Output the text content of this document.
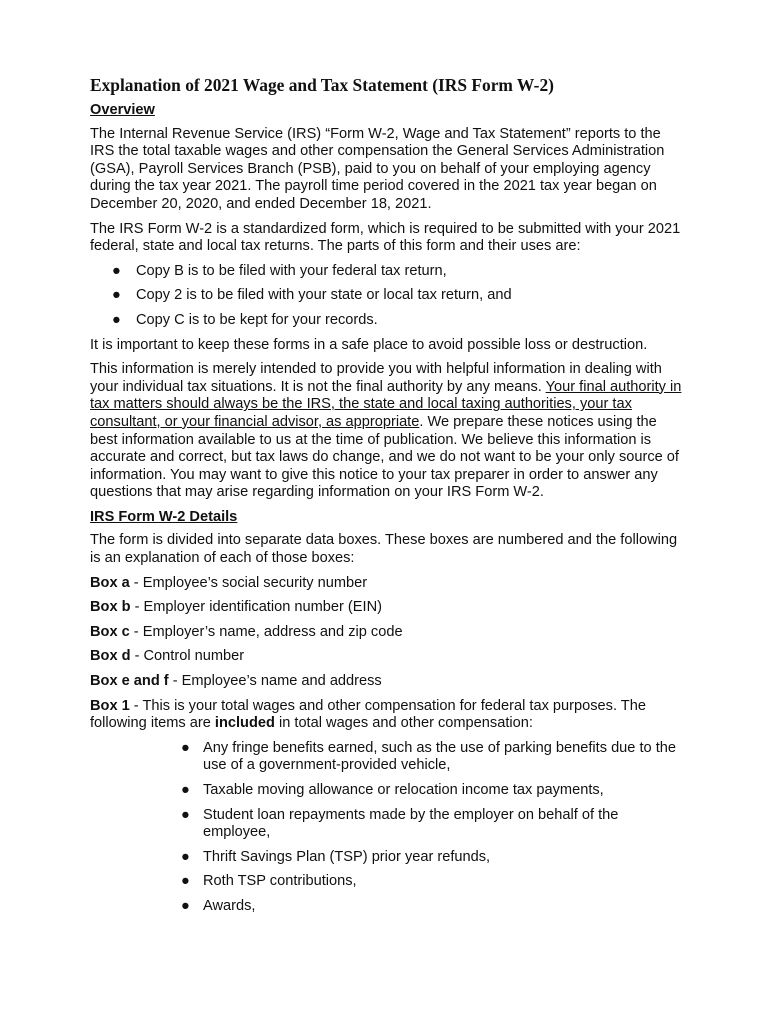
Explanation of 2021 Wage and Tax Statement (IRS Form W-2)
Overview

The Internal Revenue Service (IRS) “Form W-2, Wage and Tax Statement” reports to the IRS the total taxable wages and other compensation the General Services Administration (GSA), Payroll Services Branch (PSB), paid to you on behalf of your employing agency during the tax year 2021. The payroll time period covered in the 2021 tax year began on December 20, 2020, and ended December 18, 2021.

The IRS Form W-2 is a standardized form, which is required to be submitted with your 2021 federal, state and local tax returns. The parts of this form and their uses are:

● Copy B is to be filed with your federal tax return,
● Copy 2 is to be filed with your state or local tax return, and
● Copy C is to be kept for your records.

It is important to keep these forms in a safe place to avoid possible loss or destruction.

This information is merely intended to provide you with helpful information in dealing with your individual tax situations. It is not the final authority by any means. Your final authority in tax matters should always be the IRS, the state and local taxing authorities, your tax consultant, or your financial advisor, as appropriate. We prepare these notices using the best information available to us at the time of publication. We believe this information is accurate and correct, but tax laws do change, and we do not want to be your only source of information. You may want to give this notice to your tax preparer in order to answer any questions that may arise regarding information on your IRS Form W-2.

IRS Form W-2 Details

The form is divided into separate data boxes. These boxes are numbered and the following is an explanation of each of those boxes:

Box a - Employee’s social security number
Box b - Employer identification number (EIN)
Box c - Employer’s name, address and zip code
Box d - Control number
Box e and f - Employee’s name and address
Box 1 - This is your total wages and other compensation for federal tax purposes. The following items are included in total wages and other compensation:
● Any fringe benefits earned, such as the use of parking benefits due to the use of a government-provided vehicle,
● Taxable moving allowance or relocation income tax payments,
● Student loan repayments made by the employer on behalf of the employee,
● Thrift Savings Plan (TSP) prior year refunds,
● Roth TSP contributions,
● Awards,
